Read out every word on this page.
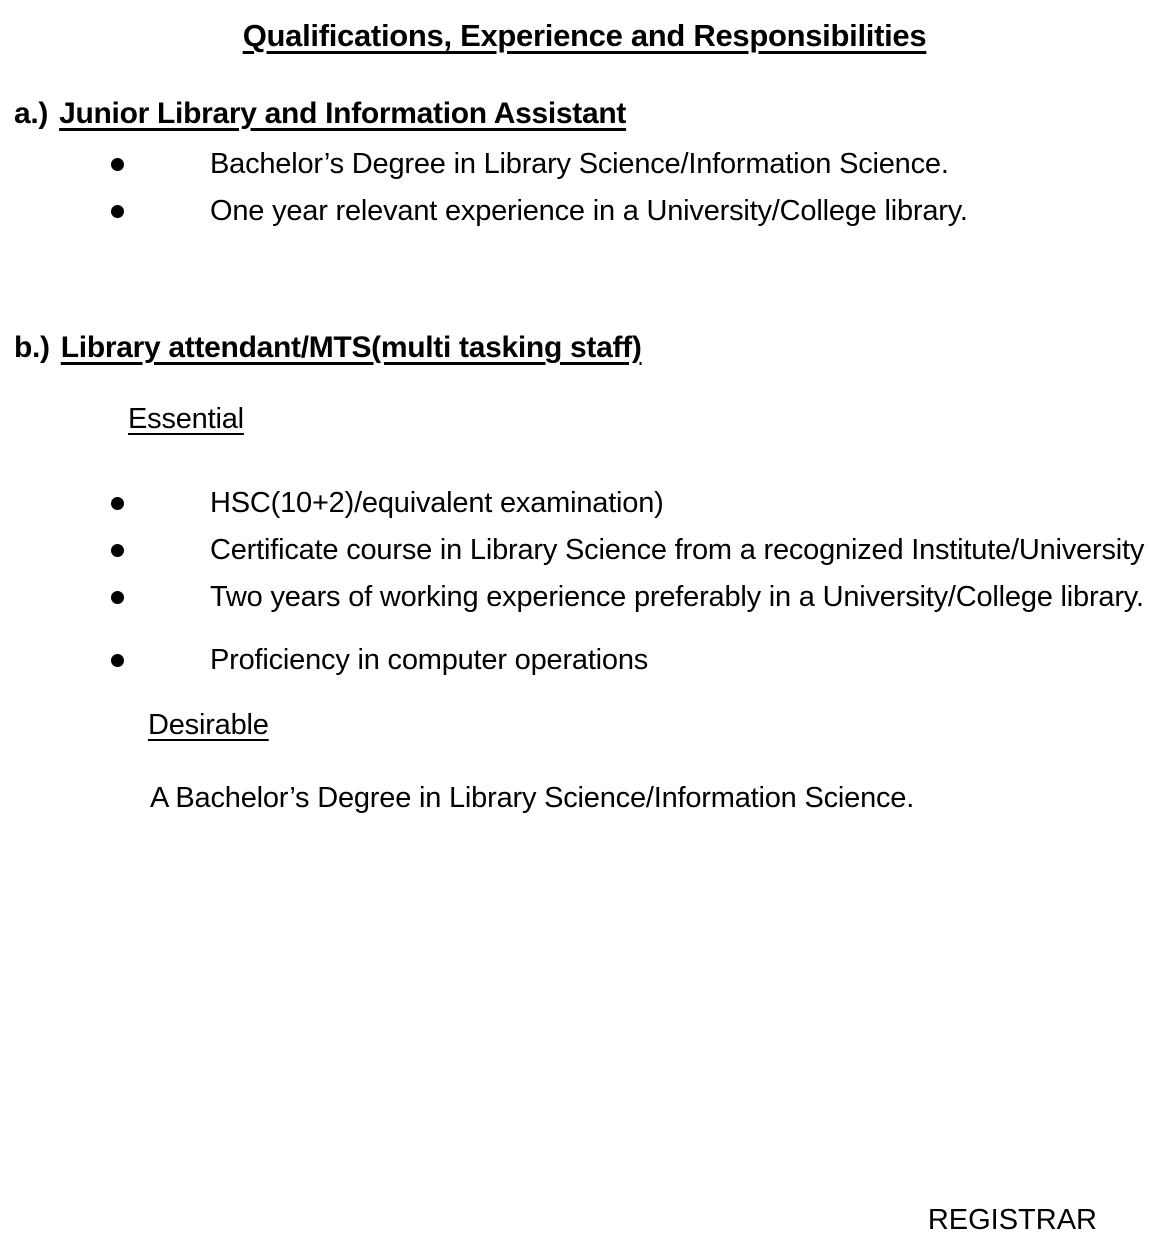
Qualifications, Experience and Responsibilities
a.) Junior Library and Information Assistant
Bachelor’s Degree in Library Science/Information Science.
One year relevant experience in a University/College library.
b.) Library attendant/MTS(multi tasking staff)
Essential
HSC(10+2)/equivalent examination)
Certificate course in Library Science from a recognized Institute/University
Two years of working experience preferably in a University/College library.
Proficiency in computer operations
Desirable

A Bachelor’s Degree in Library Science/Information Science.

REGISTRAR
